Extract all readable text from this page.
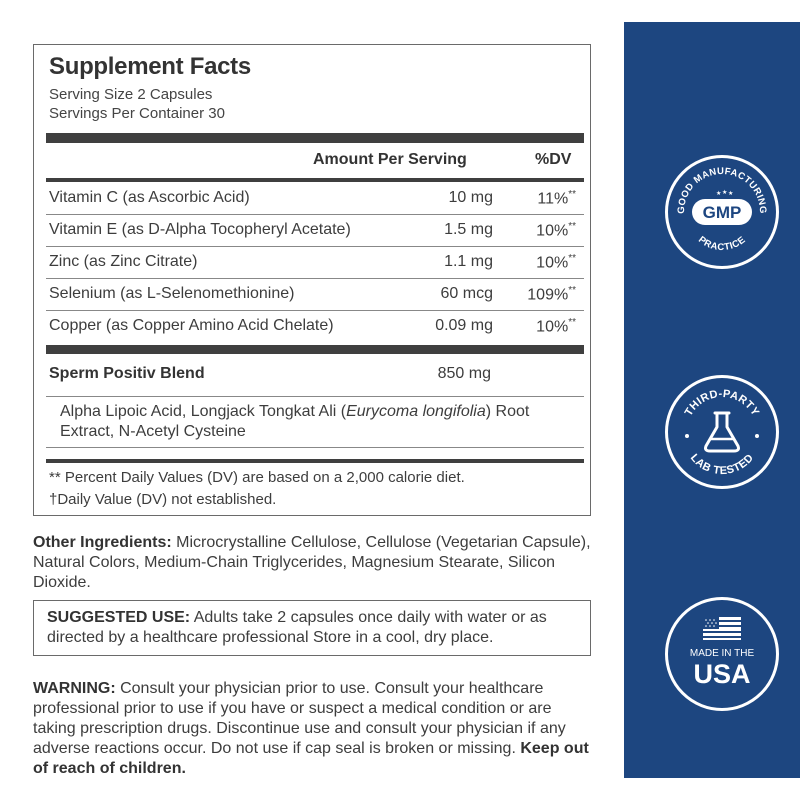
Supplement Facts
Serving Size 2 Capsules
Servings Per Container 30
Amount Per Serving	%DV
Vitamin C (as Ascorbic Acid)	10 mg	11%**
Vitamin E (as D-Alpha Tocopheryl Acetate)	1.5 mg	10%**
Zinc (as Zinc Citrate)	1.1 mg	10%**
Selenium (as L-Selenomethionine)	60 mcg 109%**
Copper (as Copper Amino Acid Chelate)	0.09 mg	10%**
Sperm Positiv Blend	850 mg
Alpha Lipoic Acid, Longjack Tongkat Ali (Eurycoma longifolia) Root Extract, N-Acetyl Cysteine
** Percent Daily Values (DV) are based on a 2,000 calorie diet.
†Daily Value (DV) not established.
Other Ingredients: Microcrystalline Cellulose, Cellulose (Vegetarian Capsule), Natural Colors, Medium-Chain Triglycerides, Magnesium Stearate, Silicon Dioxide.
SUGGESTED USE: Adults take 2 capsules once daily with water or as directed by a healthcare professional Store in a cool, dry place.
WARNING: Consult your physician prior to use. Consult your healthcare professional prior to use if you have or suspect a medical condition or are taking prescription drugs. Discontinue use and consult your physician if any adverse reactions occur. Do not use if cap seal is broken or missing. Keep out of reach of children.
GOOD MANUFACTURING
PRACTICE
★ ★ ★
GMP
THIRD-PARTY
LAB TESTED
MADE IN THE
USA
